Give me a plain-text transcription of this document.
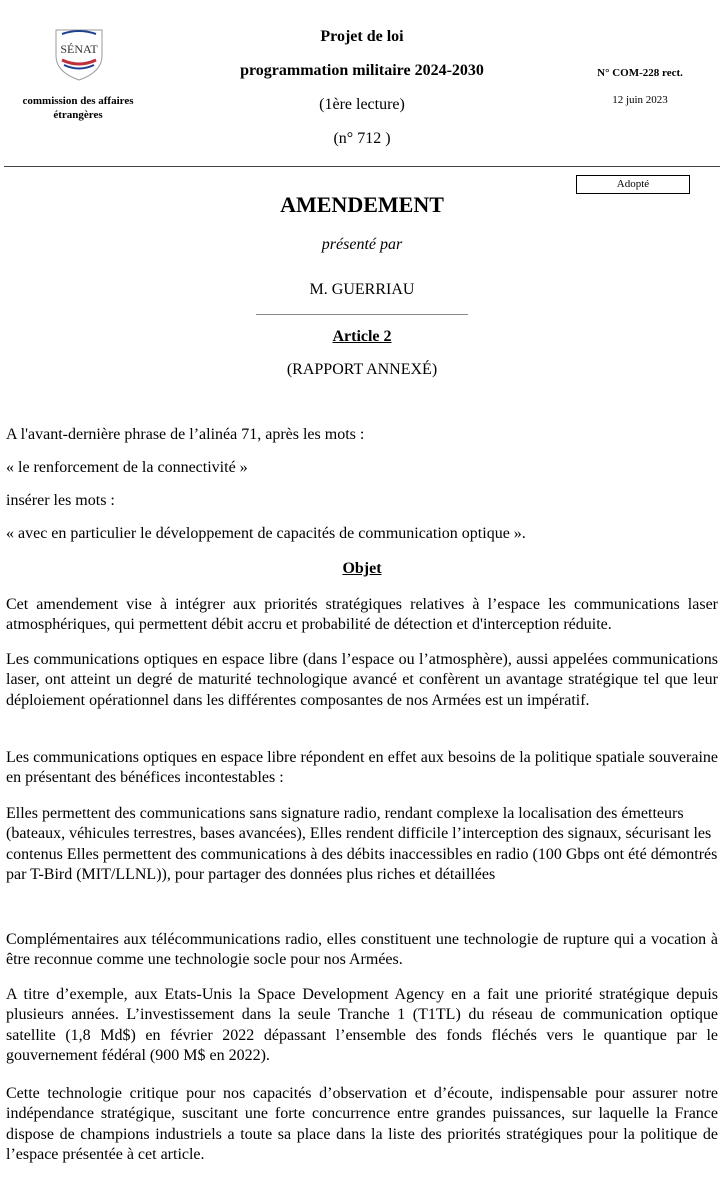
SÉNAT
commission des affaires étrangères
Projet de loi
programmation militaire 2024-2030
(1ère lecture)
(n° 712 )
N° COM-228 rect.
12 juin 2023
Adopté
AMENDEMENT
présenté par
M. GUERRIAU
Article 2
(RAPPORT ANNEXÉ)
A l'avant-dernière phrase de l’alinéa 71, après les mots :
« le renforcement de la connectivité »
insérer les mots :
« avec en particulier le développement de capacités de communication optique ».
Objet
Cet amendement vise à intégrer aux priorités stratégiques relatives à l’espace les communications laser atmosphériques, qui permettent débit accru et probabilité de détection et d'interception réduite.
Les communications optiques en espace libre (dans l’espace ou l’atmosphère), aussi appelées communications laser, ont atteint un degré de maturité technologique avancé et confèrent un avantage stratégique tel que leur déploiement opérationnel dans les différentes composantes de nos Armées est un impératif.
Les communications optiques en espace libre répondent en effet aux besoins de la politique spatiale souveraine en présentant des bénéfices incontestables :
Elles permettent des communications sans signature radio, rendant complexe la localisation des émetteurs (bateaux, véhicules terrestres, bases avancées), Elles rendent difficile l’interception des signaux, sécurisant les contenus Elles permettent des communications à des débits inaccessibles en radio (100 Gbps ont été démontrés par T-Bird (MIT/LLNL)), pour partager des données plus riches et détaillées
Complémentaires aux télécommunications radio, elles constituent une technologie de rupture qui a vocation à être reconnue comme une technologie socle pour nos Armées.
A titre d’exemple, aux Etats-Unis la Space Development Agency en a fait une priorité stratégique depuis plusieurs années. L’investissement dans la seule Tranche 1 (T1TL) du réseau de communication optique satellite (1,8 Md$) en février 2022 dépassant l’ensemble des fonds fléchés vers le quantique par le gouvernement fédéral (900 M$ en 2022).
Cette technologie critique pour nos capacités d’observation et d’écoute, indispensable pour assurer notre indépendance stratégique, suscitant une forte concurrence entre grandes puissances, sur laquelle la France dispose de champions industriels a toute sa place dans la liste des priorités stratégiques pour la politique de l’espace présentée à cet article.
